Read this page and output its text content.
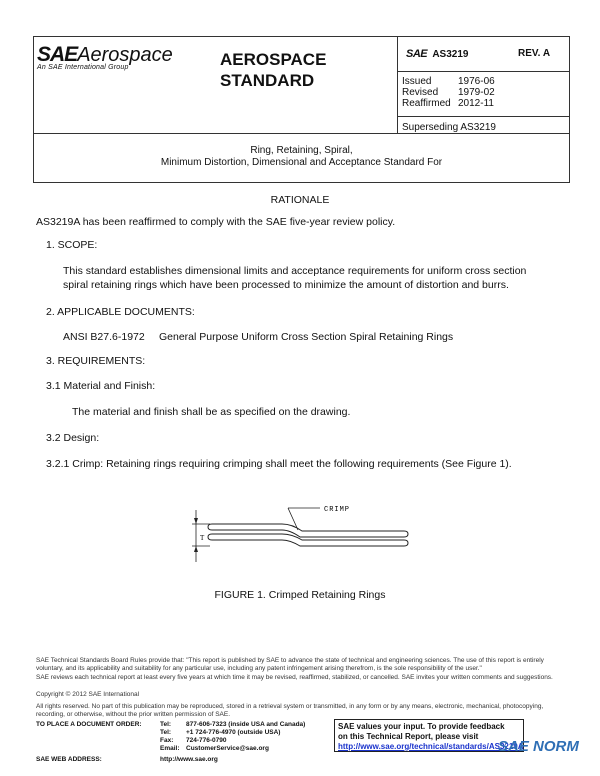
SAEAerospace
An SAE International Group	AEROSPACE
STANDARD
SAE AS3219	REV. A
Issued	1976-06
Revised 1979-02
Reaffirmed 2012-11
Superseding AS3219
Ring, Retaining, Spiral,
Minimum Distortion, Dimensional and Acceptance Standard For
RATIONALE
AS3219A has been reaffirmed to comply with the SAE five-year review policy.
1. SCOPE:
This standard establishes dimensional limits and acceptance requirements for uniform cross section
spiral retaining rings which have been processed to minimize the amount of distortion and burrs.
2. APPLICABLE DOCUMENTS:
ANSI B27.6-1972 General Purpose Uniform Cross Section Spiral Retaining Rings
3. REQUIREMENTS:
3.1 Material and Finish:
The material and finish shall be as specified on the drawing.
3.2 Design:
3.2.1 Crimp: Retaining rings requiring crimping shall meet the following requirements (See Figure 1).
T
CRIMP
FIGURE 1. Crimped Retaining Rings
SAE Technical Standards Board Rules provide that: "This report is published by SAE to advance the state of technical and engineering sciences. The use of this report is entirely voluntary, and its applicability and suitability for any particular use, including any patent infringement arising therefrom, is the sole responsibility of the user."
SAE reviews each technical report at least every five years at which time it may be revised, reaffirmed, stabilized, or cancelled. SAE invites your written comments and suggestions.
Copyright © 2012 SAE International
All rights reserved. No part of this publication may be reproduced, stored in a retrieval system or transmitted, in any form or by any means, electronic, mechanical, photocopying, recording, or otherwise, without the prior written permission of SAE.
TO PLACE A DOCUMENT ORDER:	Tel: 877-606-7323 (inside USA and Canada)
Tel: +1 724-776-4970 (outside USA)
Fax: 724-776-0790
Email: CustomerService@sae.org
SAE WEB ADDRESS:	http://www.sae.org
SAE values your input. To provide feedback
on this Technical Report, please visit
http://www.sae.org/technical/standards/AS3219A
SAE NORM
